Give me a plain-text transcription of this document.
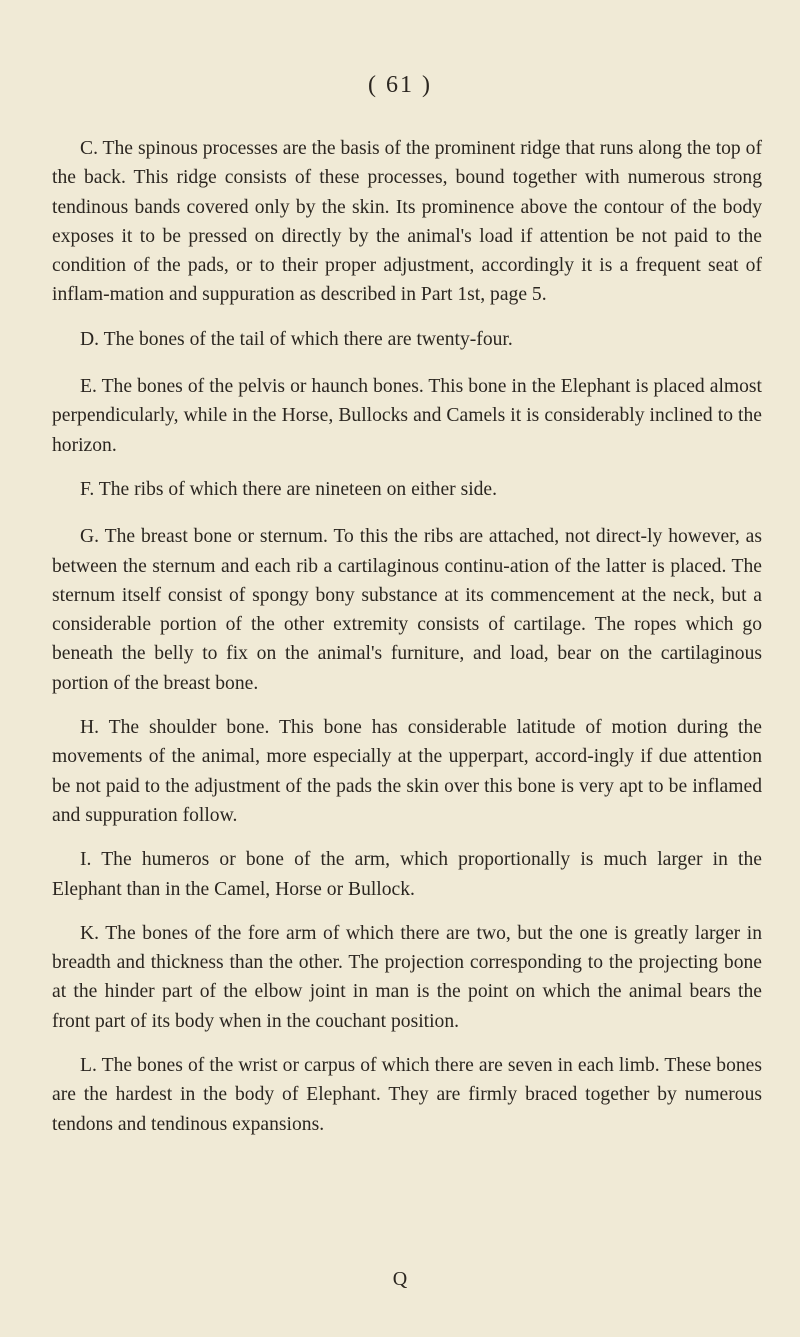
( 61 )

C. The spinous processes are the basis of the prominent ridge that runs along the top of the back. This ridge consists of these processes, bound together with numerous strong tendinous bands covered only by the skin. Its prominence above the contour of the body exposes it to be pressed on directly by the animal's load if attention be not paid to the condition of the pads, or to their proper adjustment, accordingly it is a frequent seat of inflam-mation and suppuration as described in Part 1st, page 5.

D. The bones of the tail of which there are twenty-four.

E. The bones of the pelvis or haunch bones. This bone in the Elephant is placed almost perpendicularly, while in the Horse, Bullocks and Camels it is considerably inclined to the horizon.

F. The ribs of which there are nineteen on either side.

G. The breast bone or sternum. To this the ribs are attached, not direct-ly however, as between the sternum and each rib a cartilaginous continu-ation of the latter is placed. The sternum itself consist of spongy bony substance at its commencement at the neck, but a considerable portion of the other extremity consists of cartilage. The ropes which go beneath the belly to fix on the animal's furniture, and load, bear on the cartilaginous portion of the breast bone.

H. The shoulder bone. This bone has considerable latitude of motion during the movements of the animal, more especially at the upperpart, accord-ingly if due attention be not paid to the adjustment of the pads the skin over this bone is very apt to be inflamed and suppuration follow.

I. The humeros or bone of the arm, which proportionally is much larger in the Elephant than in the Camel, Horse or Bullock.

K. The bones of the fore arm of which there are two, but the one is greatly larger in breadth and thickness than the other. The projection corresponding to the projecting bone at the hinder part of the elbow joint in man is the point on which the animal bears the front part of its body when in the couchant position.

L. The bones of the wrist or carpus of which there are seven in each limb. These bones are the hardest in the body of Elephant. They are firmly braced together by numerous tendons and tendinous expansions.

Q
